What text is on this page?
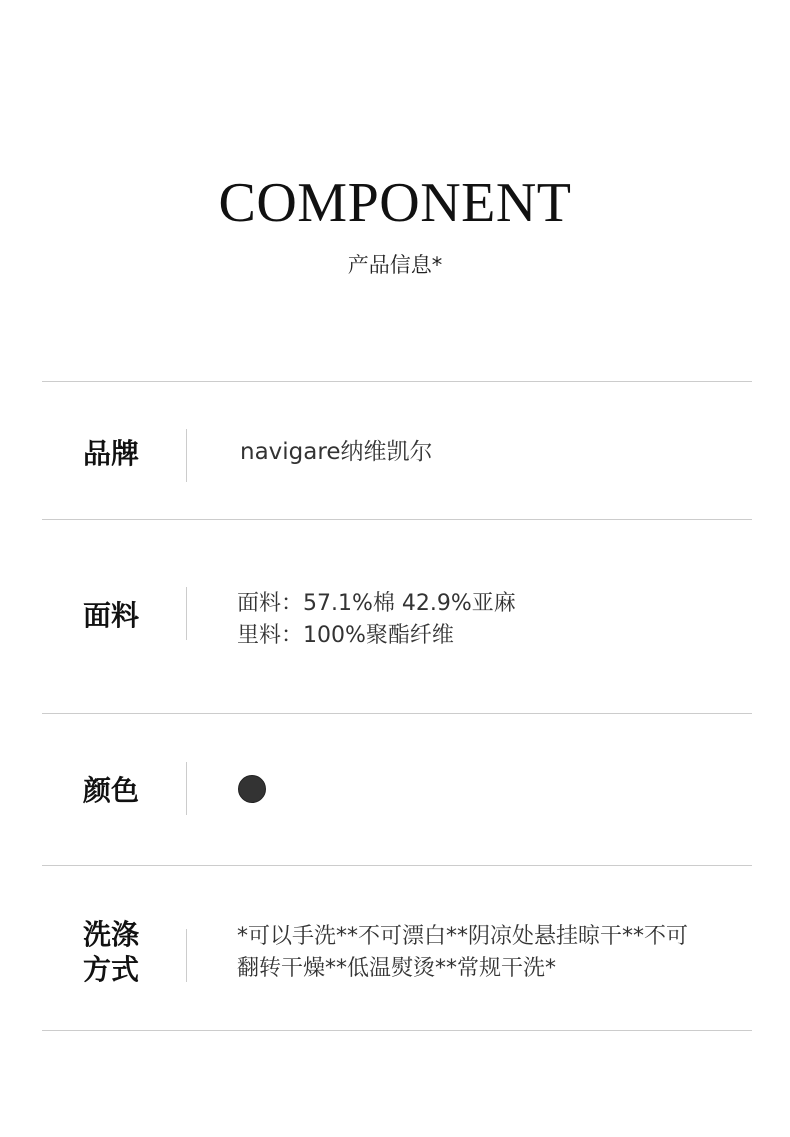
COMPONENT
产品信息*
品牌	navigare纳维凯尔
面料	面料：57.1%棉 42.9%亚麻
里料：100%聚酯纤维
颜色
洗涤
方式
*可以手洗**不可漂白**阴凉处悬挂晾干**不可
翻转干燥**低温熨烫**常规干洗*
